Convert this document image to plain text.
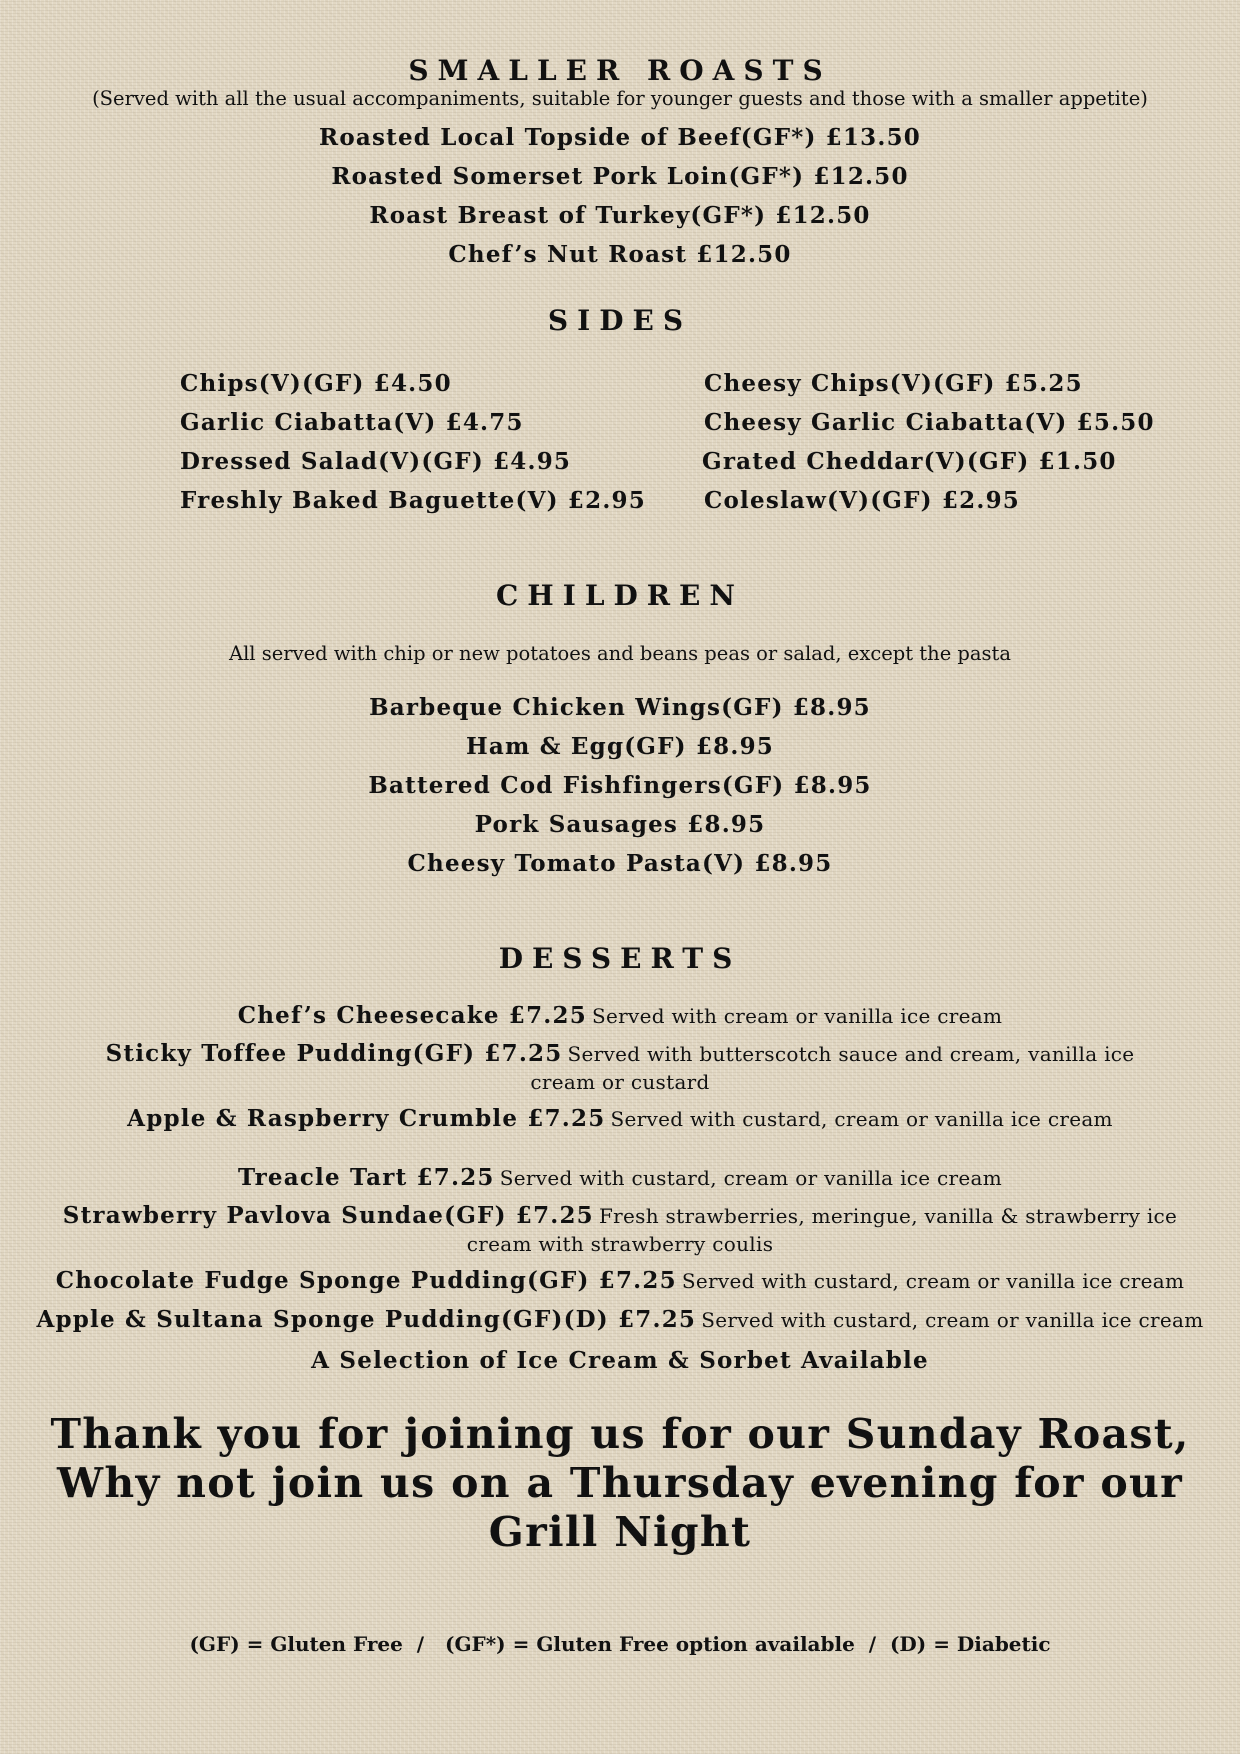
SMALLER ROASTS
(Served with all the usual accompaniments, suitable for younger guests and those with a smaller appetite)
Roasted Local Topside of Beef(GF*) £13.50
Roasted Somerset Pork Loin(GF*) £12.50
Roast Breast of Turkey(GF*) £12.50
Chef’s Nut Roast £12.50
SIDES
Chips(V)(GF) £4.50
Garlic Ciabatta(V) £4.75
Dressed Salad(V)(GF) £4.95
Freshly Baked Baguette(V) £2.95
Cheesy Chips(V)(GF) £5.25
Cheesy Garlic Ciabatta(V) £5.50
Grated Cheddar(V)(GF) £1.50
Coleslaw(V)(GF) £2.95
CHILDREN
All served with chip or new potatoes and beans peas or salad, except the pasta
Barbeque Chicken Wings(GF) £8.95
Ham & Egg(GF) £8.95
Battered Cod Fishfingers(GF) £8.95
Pork Sausages £8.95
Cheesy Tomato Pasta(V) £8.95
DESSERTS
Chef’s Cheesecake £7.25 Served with cream or vanilla ice cream
Sticky Toffee Pudding(GF) £7.25 Served with butterscotch sauce and cream, vanilla ice cream or custard
Apple & Raspberry Crumble £7.25 Served with custard, cream or vanilla ice cream
Treacle Tart £7.25 Served with custard, cream or vanilla ice cream
Strawberry Pavlova Sundae(GF) £7.25 Fresh strawberries, meringue, vanilla & strawberry ice cream with strawberry coulis
Chocolate Fudge Sponge Pudding(GF) £7.25 Served with custard, cream or vanilla ice cream
Apple & Sultana Sponge Pudding(GF)(D) £7.25 Served with custard, cream or vanilla ice cream
A Selection of Ice Cream & Sorbet Available
Thank you for joining us for our Sunday Roast,
Why not join us on a Thursday evening for our
Grill Night
(GF) = Gluten Free  /   (GF*) = Gluten Free option available  /  (D) = Diabetic
